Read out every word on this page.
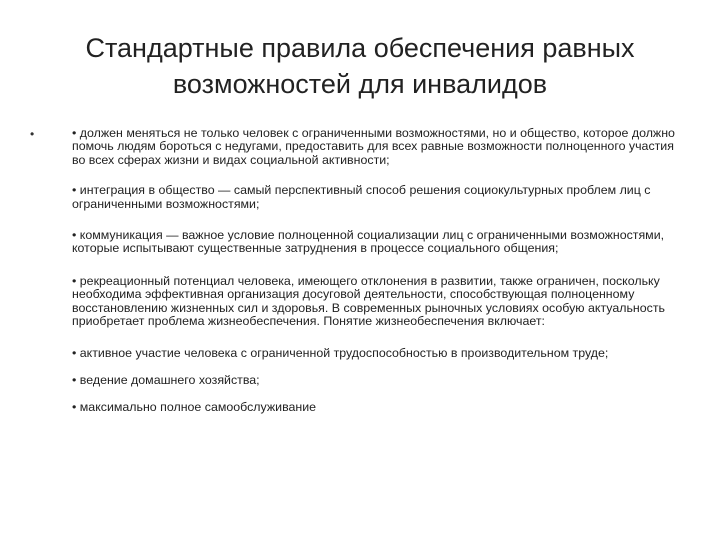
Стандартные правила обеспечения равных
возможностей для инвалидов
•	• должен меняться не только человек с ограниченными возможностями, но и общество, которое должно помочь людям бороться с недугами, предоставить для всех равные возможности полноценного участия во всех сферах жизни и видах социальной активности;

• интеграция в общество — самый перспективный способ решения социокультурных проблем лиц с ограниченными возможностями;

• коммуникация — важное условие полноценной социализации лиц с ограниченными возможностями, которые испытывают существенные затруднения в процессе социального общения;

• рекреационный потенциал человека, имеющего отклонения в развитии, также ограничен, поскольку необходима эффективная организация досуговой деятельности, способствующая полноценному восстановлению жизненных сил и здоровья. В современных рыночных условиях особую актуальность приобретает проблема жизнеобеспечения. Понятие жизнеобеспечения включает:

• активное участие человека с ограниченной трудоспособностью в производительном труде;

• ведение домашнего хозяйства;

• максимально полное самообслуживание
